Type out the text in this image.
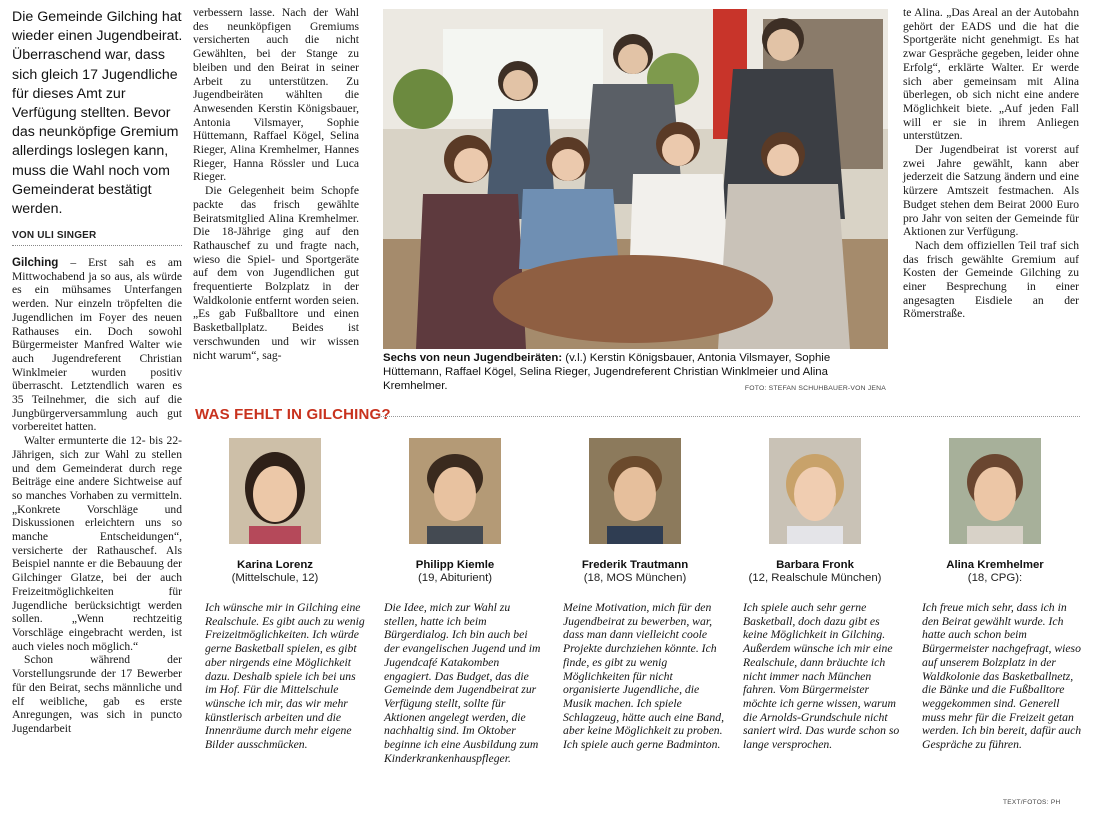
Die Gemeinde Gilching hat wieder einen Jugendbeirat. Überraschend war, dass sich gleich 17 Jugendliche für dieses Amt zur Verfügung stellten. Bevor das neunköpfige Gremium allerdings loslegen kann, muss die Wahl noch vom Gemeinderat bestätigt werden.
VON ULI SINGER

Gilching – Erst sah es am Mittwochabend ja so aus, als würde es ein mühsames Unterfangen werden. Nur einzeln tröpfelten die Jugendlichen im Foyer des neuen Rathauses ein. Doch sowohl Bürgermeister Manfred Walter wie auch Jugendreferent Christian Winklmeier wurden positiv überrascht. Letztendlich waren es 35 Teilnehmer, die sich auf die Jungbürgerversammlung auch gut vorbereitet hatten.

Walter ermunterte die 12- bis 22-Jährigen, sich zur Wahl zu stellen und dem Gemeinderat durch rege Beiträge eine andere Sichtweise auf so manches Vorhaben zu vermitteln. „Konkrete Vorschläge und Diskussionen erleichtern uns so manche Entscheidungen“, versicherte der Rathauschef. Als Beispiel nannte er die Bebauung der Gilchinger Glatze, bei der auch Freizeitmöglichkeiten für Jugendliche berücksichtigt werden sollen. „Wenn rechtzeitig Vorschläge eingebracht werden, ist auch vieles noch möglich.“

Schon während der Vorstellungsrunde der 17 Bewerber für den Beirat, sechs männliche und elf weibliche, gab es erste Anregungen, was sich in puncto Jugendarbeit

verbessern lasse. Nach der Wahl des neunköpfigen Gremiums versicherten auch die nicht Gewählten, bei der Stange zu bleiben und den Beirat in seiner Arbeit zu unterstützen. Zu Jugendbeiräten wählten die Anwesenden Kerstin Königsbauer, Antonia Vilsmayer, Sophie Hüttemann, Raffael Kögel, Selina Rieger, Alina Kremhelmer, Hannes Rieger, Hanna Rössler und Luca Rieger.

Die Gelegenheit beim Schopfe packte das frisch gewählte Beiratsmitglied Alina Kremhelmer. Die 18-Jährige ging auf den Rathauschef zu und fragte nach, wieso die Spiel- und Sportgeräte auf dem von Jugendlichen gut frequentierte Bolzplatz in der Waldkolonie entfernt worden seien. „Es gab Fußballtore und einen Basketballplatz. Beides ist verschwunden und wir wissen nicht warum“, sag-	Sechs von neun Jugendbeiräten: (v.l.) Kerstin Königsbauer, Antonia Vilsmayer, Sophie Hüttemann, Raffael Kögel, Selina Rieger, Jugendreferent Christian Winklmeier und Alina Kremhelmer.	FOTO: STEFAN SCHUHBAUER-VON JENA

te Alina. „Das Areal an der Autobahn gehört der EADS und die hat die Sportgeräte nicht genehmigt. Es hat zwar Gespräche gegeben, leider ohne Erfolg“, erklärte Walter. Er werde sich aber gemeinsam mit Alina überlegen, ob sich nicht eine andere Möglichkeit biete. „Auf jeden Fall will er sie in ihrem Anliegen unterstützen.

Der Jugendbeirat ist vorerst auf zwei Jahre gewählt, kann aber jederzeit die Satzung ändern und eine kürzere Amtszeit festmachen. Als Budget stehen dem Beirat 2000 Euro pro Jahr von seiten der Gemeinde für Aktionen zur Verfügung.

Nach dem offiziellen Teil traf sich das frisch gewählte Gremium auf Kosten der Gemeinde Gilching zu einer Besprechung in einer angesagten Eisdiele an der Römerstraße.

WAS FEHLT IN GILCHING?
Karina Lorenz
(Mittelschule, 12)
Philipp Kiemle
(19, Abiturient)
Frederik Trautmann
(18, MOS München)
Barbara Fronk
(12, Realschule München)
Alina Kremhelmer
(18, CPG):
Ich wünsche mir in Gilching eine Realschule. Es gibt auch zu wenig Freizeitmöglichkeiten. Ich würde gerne Basketball spielen, es gibt aber nirgends eine Möglichkeit dazu. Deshalb spiele ich bei uns im Hof. Für die Mittelschule wünsche ich mir, das wir mehr künstlerisch arbeiten und die Innenräume durch mehr eigene Bilder ausschmücken.
Die Idee, mich zur Wahl zu stellen, hatte ich beim Bürgerdialog. Ich bin auch bei der evangelischen Jugend und im Jugendcafé Katakomben engagiert. Das Budget, das die Gemeinde dem Jugendbeirat zur Verfügung stellt, sollte für Aktionen angelegt werden, die nachhaltig sind. Im Oktober beginne ich eine Ausbildung zum Kinderkrankenhauspfleger.
Meine Motivation, mich für den Jugendbeirat zu bewerben, war, dass man dann vielleicht coole Projekte durchziehen könnte. Ich finde, es gibt zu wenig Möglichkeiten für nicht organisierte Jugendliche, die Musik machen. Ich spiele Schlagzeug, hätte auch eine Band, aber keine Möglichkeit zu proben. Ich spiele auch gerne Badminton.
Ich spiele auch sehr gerne Basketball, doch dazu gibt es keine Möglichkeit in Gilching. Außerdem wünsche ich mir eine Realschule, dann bräuchte ich nicht immer nach München fahren. Vom Bürgermeister möchte ich gerne wissen, warum die Arnolds-Grundschule nicht saniert wird. Das wurde schon so lange versprochen.
Ich freue mich sehr, dass ich in den Beirat gewählt wurde. Ich hatte auch schon beim Bürgermeister nachgefragt, wieso auf unserem Bolzplatz in der Waldkolonie das Basketballnetz, die Bänke und die Fußballtore weggekommen sind. Generell muss mehr für die Freizeit getan werden. Ich bin bereit, dafür auch Gespräche zu führen.
TEXT/FOTOS: PH
